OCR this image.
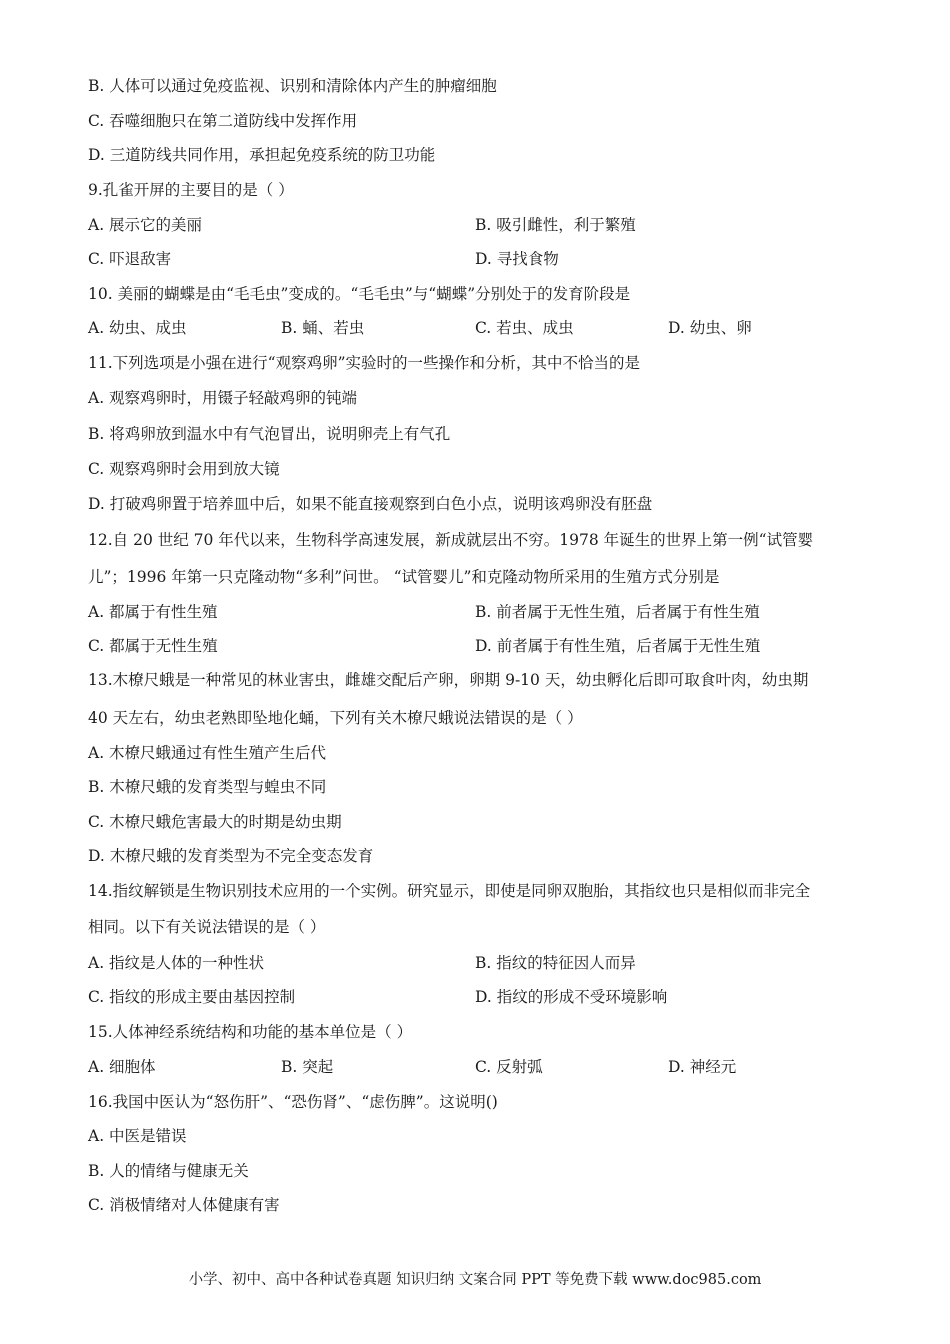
B. 人体可以通过免疫监视、识别和清除体内产生的肿瘤细胞
C. 吞噬细胞只在第二道防线中发挥作用
D. 三道防线共同作用，承担起免疫系统的防卫功能
9.孔雀开屏的主要目的是（ ）
A. 展示它的美丽	B. 吸引雌性，利于繁殖
C. 吓退敌害	D. 寻找食物
10. 美丽的蝴蝶是由“毛毛虫”变成的。“毛毛虫”与“蝴蝶”分别处于的发育阶段是
A. 幼虫、成虫	B. 蛹、若虫	C. 若虫、成虫	D. 幼虫、卵
11.下列选项是小强在进行“观察鸡卵”实验时的一些操作和分析，其中不恰当的是
A. 观察鸡卵时，用镊子轻敲鸡卵的钝端
B. 将鸡卵放到温水中有气泡冒出，说明卵壳上有气孔
C. 观察鸡卵时会用到放大镜
D. 打破鸡卵置于培养皿中后，如果不能直接观察到白色小点，说明该鸡卵没有胚盘
12.自 20 世纪 70 年代以来，生物科学高速发展，新成就层出不穷。1978 年诞生的世界上第一例“试管婴
儿”；1996 年第一只克隆动物“多利”问世。 “试管婴儿”和克隆动物所采用的生殖方式分别是
A. 都属于有性生殖	B. 前者属于无性生殖，后者属于有性生殖
C. 都属于无性生殖	D. 前者属于有性生殖，后者属于无性生殖
13.木橑尺蛾是一种常见的林业害虫，雌雄交配后产卵，卵期 9-10 天，幼虫孵化后即可取食叶肉，幼虫期
40 天左右，幼虫老熟即坠地化蛹，下列有关木橑尺蛾说法错误的是（ ）
A. 木橑尺蛾通过有性生殖产生后代
B. 木橑尺蛾的发育类型与蝗虫不同
C. 木橑尺蛾危害最大的时期是幼虫期
D. 木橑尺蛾的发育类型为不完全变态发育
14.指纹解锁是生物识别技术应用的一个实例。研究显示，即使是同卵双胞胎，其指纹也只是相似而非完全
相同。以下有关说法错误的是（ ）
A. 指纹是人体的一种性状	B. 指纹的特征因人而异
C. 指纹的形成主要由基因控制	D. 指纹的形成不受环境影响
15.人体神经系统结构和功能的基本单位是（ ）
A. 细胞体	B. 突起	C. 反射弧	D. 神经元
16.我国中医认为“怒伤肝”、“恐伤肾”、“虑伤脾”。这说明()
A. 中医是错误
B. 人的情绪与健康无关
C. 消极情绪对人体健康有害
小学、初中、高中各种试卷真题 知识归纳 文案合同 PPT 等免费下载 www.doc985.com
